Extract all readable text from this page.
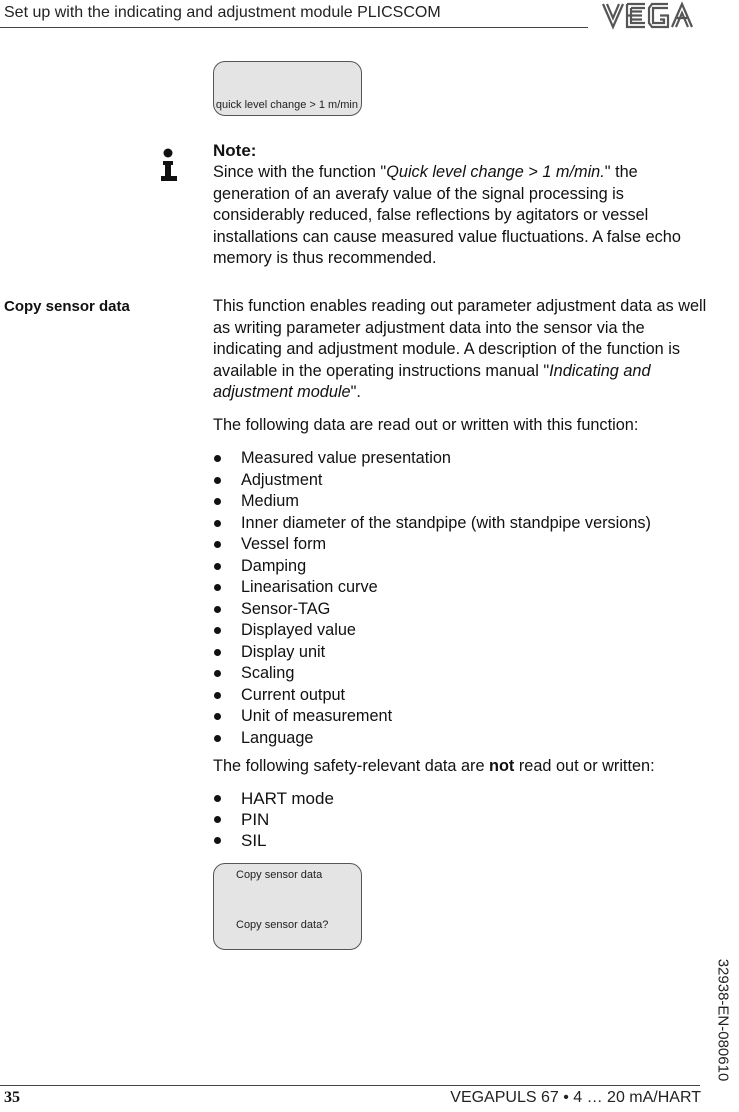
Set up with the indicating and adjustment module PLICSCOM
quick level change > 1 m/min
Note:

Since with the function "Quick level change > 1 m/min." the generation of an averafy value of the signal processing is considerably reduced, false reflections by agitators or vessel installations can cause measured value fluctuations. A false echo memory is thus recommended.

Copy sensor data	This function enables reading out parameter adjustment data as well as writing parameter adjustment data into the sensor via the indicating and adjustment module. A description of the function is available in the operating instructions manual "Indicating and adjustment module".

The following data are read out or written with this function:

Measured value presentation
Adjustment
Medium
Inner diameter of the standpipe (with standpipe versions)
Vessel form
Damping
Linearisation curve
Sensor-TAG
Displayed value
Display unit
Scaling
Current output
Unit of measurement
Language

The following safety-relevant data are not read out or written:

HART mode
PIN
SIL
Copy sensor data
Copy sensor data?
32938-EN-080610
35	VEGAPULS 67 • 4 … 20 mA/HART
